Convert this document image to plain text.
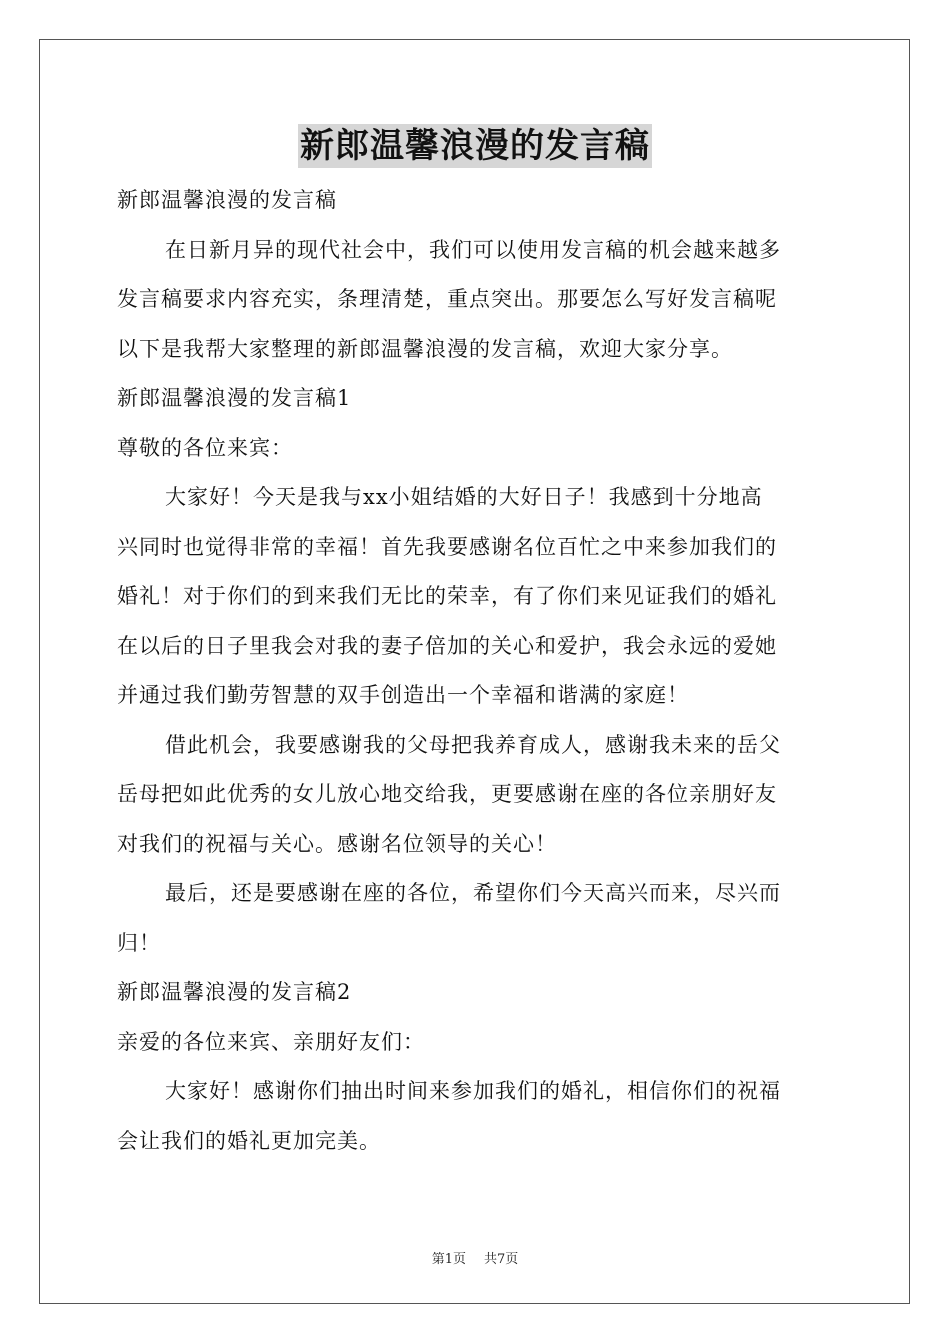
新郎温馨浪漫的发言稿
新郎温馨浪漫的发言稿
在日新月异的现代社会中，我们可以使用发言稿的机会越来越多
发言稿要求内容充实，条理清楚，重点突出。那要怎么写好发言稿呢
以下是我帮大家整理的新郎温馨浪漫的发言稿，欢迎大家分享。
新郎温馨浪漫的发言稿1
尊敬的各位来宾：
大家好！今天是我与xx小姐结婚的大好日子！我感到十分地高
兴同时也觉得非常的幸福！首先我要感谢名位百忙之中来参加我们的
婚礼！对于你们的到来我们无比的荣幸，有了你们来见证我们的婚礼
在以后的日子里我会对我的妻子倍加的关心和爱护，我会永远的爱她
并通过我们勤劳智慧的双手创造出一个幸福和谐满的家庭！
借此机会，我要感谢我的父母把我养育成人，感谢我未来的岳父
岳母把如此优秀的女儿放心地交给我，更要感谢在座的各位亲朋好友
对我们的祝福与关心。感谢名位领导的关心！
最后，还是要感谢在座的各位，希望你们今天高兴而来，尽兴而
归！
新郎温馨浪漫的发言稿2
亲爱的各位来宾、亲朋好友们：
大家好！感谢你们抽出时间来参加我们的婚礼，相信你们的祝福
会让我们的婚礼更加完美。
第1页 共7页
